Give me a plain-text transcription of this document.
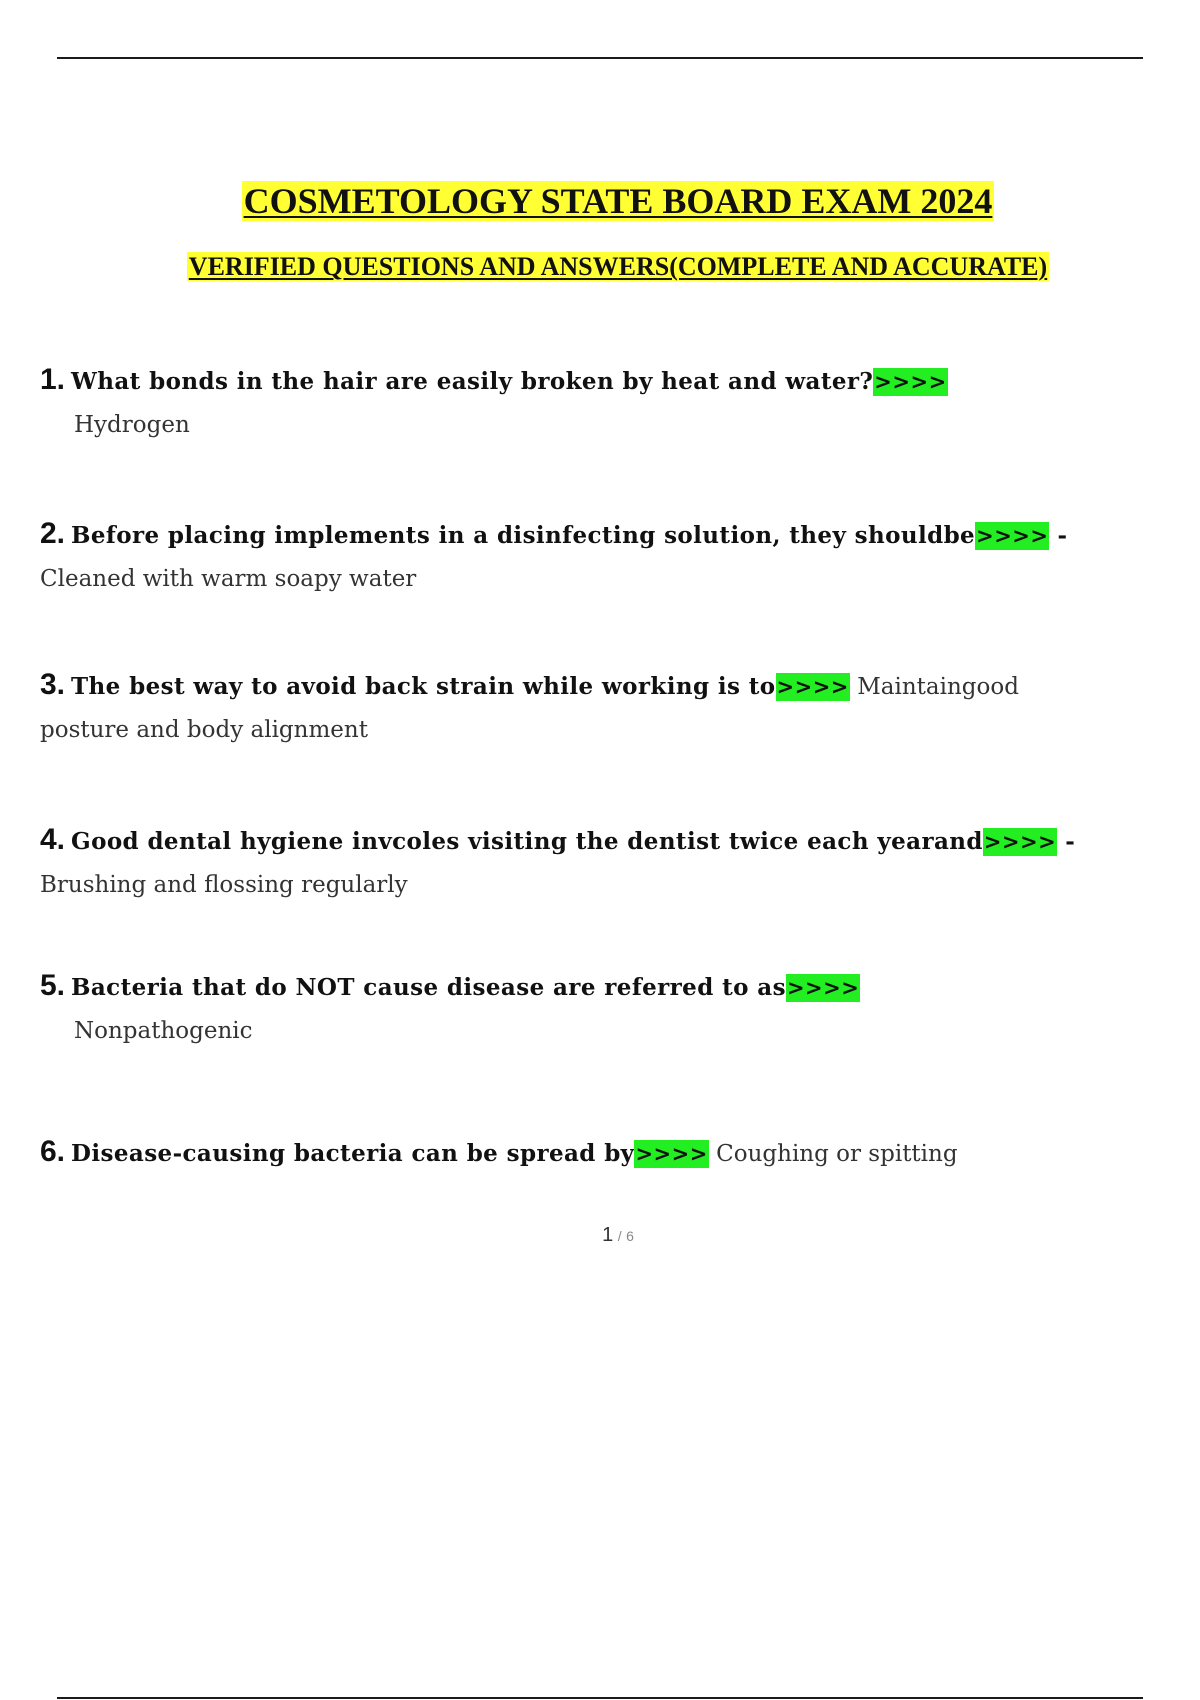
COSMETOLOGY STATE BOARD EXAM 2024
VERIFIED QUESTIONS AND ANSWERS(COMPLETE AND ACCURATE)
1. What bonds in the hair are easily broken by heat and water?>>>>
Hydrogen
2. Before placing implements in a disinfecting solution, they shouldbe>>>> -
Cleaned with warm soapy water
3. The best way to avoid back strain while working is to>>>> Maintaingood posture and body alignment
4. Good dental hygiene invcoles visiting the dentist twice each yearand>>>> -
Brushing and flossing regularly
5. Bacteria that do NOT cause disease are referred to as>>>>
Nonpathogenic
6. Disease-causing bacteria can be spread by>>>> Coughing or spitting
1 / 6
